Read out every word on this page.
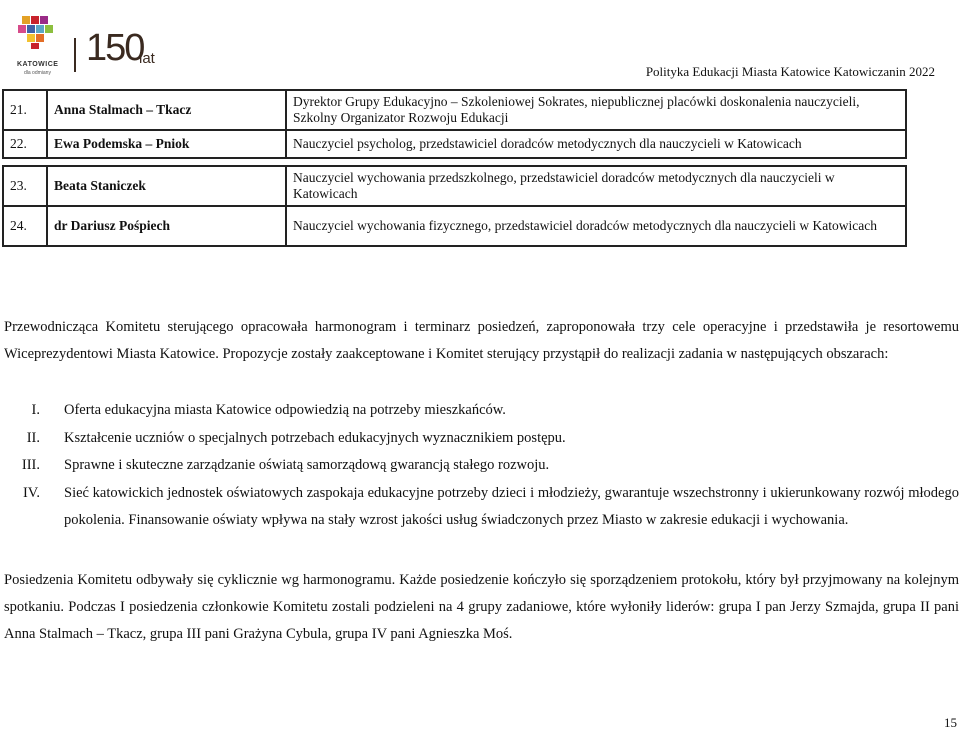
KATOWICE
dla odmiany
150
lat
Polityka Edukacji Miasta Katowice Katowiczanin 2022
21.	Anna Stalmach – Tkacz	Dyrektor Grupy Edukacyjno – Szkoleniowej Sokrates, niepublicznej placówki doskonalenia nauczycieli, Szkolny Organizator Rozwoju Edukacji
22.	Ewa Podemska – Pniok	Nauczyciel psycholog, przedstawiciel doradców metodycznych dla nauczycieli w Katowicach

23.	Beata Staniczek	Nauczyciel wychowania przedszkolnego, przedstawiciel doradców metodycznych dla nauczycieli w Katowicach
24.	dr Dariusz Pośpiech	Nauczyciel wychowania fizycznego, przedstawiciel doradców metodycznych dla nauczycieli w Katowicach
Przewodnicząca Komitetu sterującego opracowała harmonogram i terminarz posiedzeń, zaproponowała trzy cele operacyjne i przedstawiła je resortowemu Wiceprezydentowi Miasta Katowice. Propozycje zostały zaakceptowane i Komitet sterujący przystąpił do realizacji zadania w następujących obszarach:
I. Oferta edukacyjna miasta Katowice odpowiedzią na potrzeby mieszkańców.
II. Kształcenie uczniów o specjalnych potrzebach edukacyjnych wyznacznikiem postępu.
III. Sprawne i skuteczne zarządzanie oświatą samorządową gwarancją stałego rozwoju.
IV. Sieć katowickich jednostek oświatowych zaspokaja edukacyjne potrzeby dzieci i młodzieży, gwarantuje wszechstronny i ukierunkowany rozwój młodego pokolenia. Finansowanie oświaty wpływa na stały wzrost jakości usług świadczonych przez Miasto w zakresie edukacji i wychowania.
Posiedzenia Komitetu odbywały się cyklicznie wg harmonogramu. Każde posiedzenie kończyło się sporządzeniem protokołu, który był przyjmowany na kolejnym spotkaniu. Podczas I posiedzenia członkowie Komitetu zostali podzieleni na 4 grupy zadaniowe, które wyłoniły liderów: grupa I pan Jerzy Szmajda, grupa II pani Anna Stalmach – Tkacz, grupa III pani Grażyna Cybula, grupa IV pani Agnieszka Moś.
15
